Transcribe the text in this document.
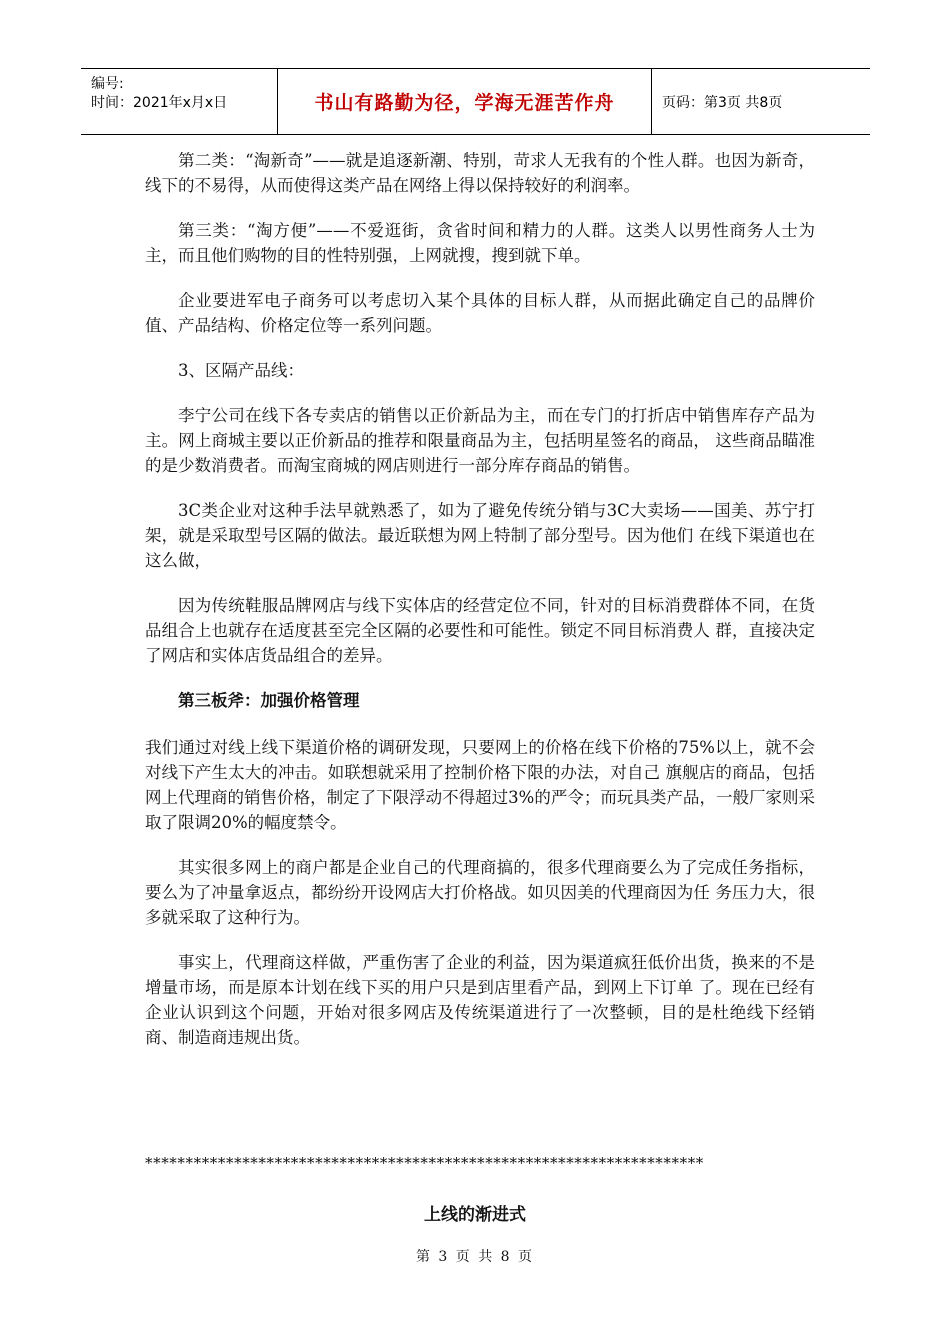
编号:
时间：2021年x月x日	书山有路勤为径，学海无涯苦作舟	页码：第3页 共8页

第二类：“淘新奇”——就是追逐新潮、特别，苛求人无我有的个性人群。也因为新奇，线下的不易得，从而使得这类产品在网络上得以保持较好的利润率。

第三类：“淘方便”——不爱逛街，贪省时间和精力的人群。这类人以男性商务人士为主，而且他们购物的目的性特别强，上网就搜，搜到就下单。

企业要进军电子商务可以考虑切入某个具体的目标人群，从而据此确定自己的品牌价值、产品结构、价格定位等一系列问题。

3、区隔产品线：

李宁公司在线下各专卖店的销售以正价新品为主，而在专门的打折店中销售库存产品为主。网上商城主要以正价新品的推荐和限量商品为主，包括明星签名的商品， 这些商品瞄准的是少数消费者。而淘宝商城的网店则进行一部分库存商品的销售。

3C类企业对这种手法早就熟悉了，如为了避免传统分销与3C大卖场——国美、苏宁打架，就是采取型号区隔的做法。最近联想为网上特制了部分型号。因为他们 在线下渠道也在这么做，

因为传统鞋服品牌网店与线下实体店的经营定位不同，针对的目标消费群体不同，在货品组合上也就存在适度甚至完全区隔的必要性和可能性。锁定不同目标消费人 群，直接决定了网店和实体店货品组合的差异。

第三板斧：加强价格管理

我们通过对线上线下渠道价格的调研发现，只要网上的价格在线下价格的75%以上，就不会对线下产生太大的冲击。如联想就采用了控制价格下限的办法，对自己 旗舰店的商品，包括网上代理商的销售价格，制定了下限浮动不得超过3%的严令；而玩具类产品，一般厂家则采取了限调20%的幅度禁令。

其实很多网上的商户都是企业自己的代理商搞的，很多代理商要么为了完成任务指标，要么为了冲量拿返点，都纷纷开设网店大打价格战。如贝因美的代理商因为任 务压力大，很多就采取了这种行为。

事实上，代理商这样做，严重伤害了企业的利益，因为渠道疯狂低价出货，换来的不是增量市场，而是原本计划在线下买的用户只是到店里看产品，到网上下订单 了。现在已经有企业认识到这个问题，开始对很多网店及传统渠道进行了一次整顿，目的是杜绝线下经销商、制造商违规出货。

*********************************************************************
上线的渐进式
第 3 页 共 8 页
